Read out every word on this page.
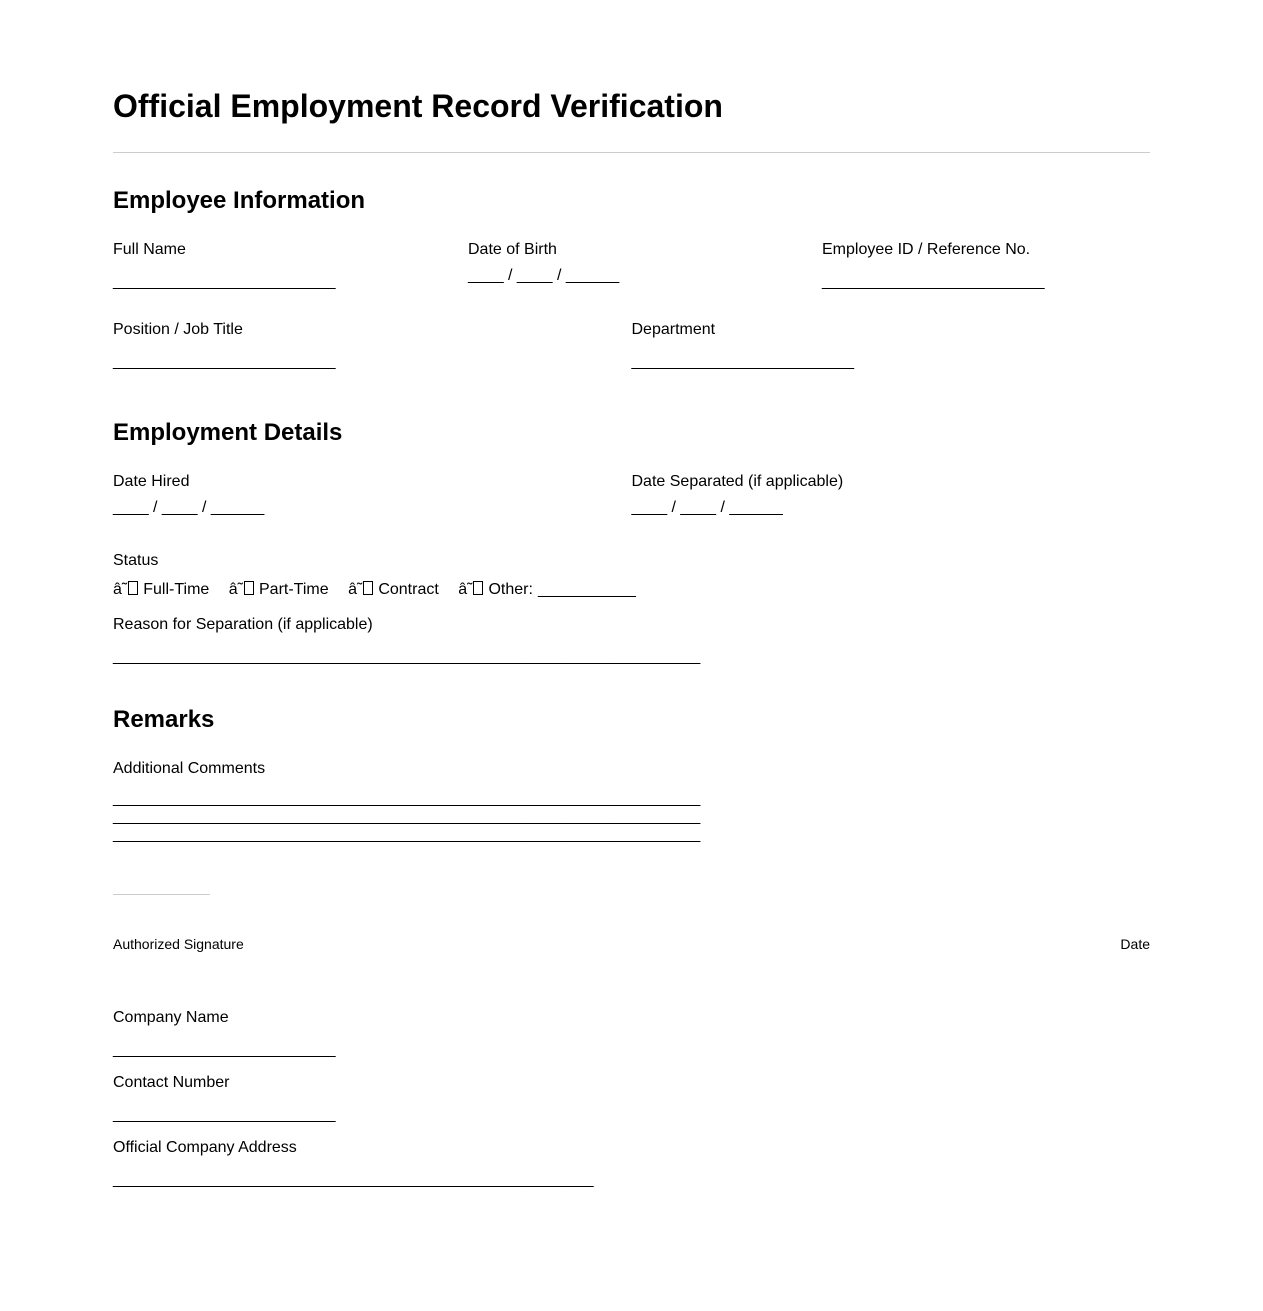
Official Employment Record Verification
Employee Information
Full Name
_________________________
Date of Birth
____ / ____ / ______
Employee ID / Reference No.
_________________________
Position / Job Title
_________________________
Department
_________________________
Employment Details
Date Hired
____ / ____ / ______
Date Separated (if applicable)
____ / ____ / ______
Status
â˜ Full-Time â˜ Part-Time â˜ Contract â˜ Other: ___________
Reason for Separation (if applicable)
__________________________________________________________________
Remarks
Additional Comments
__________________________________________________________________
__________________________________________________________________
__________________________________________________________________
Authorized Signature	Date
Company Name
_________________________
Contact Number
_________________________
Official Company Address
______________________________________________________
